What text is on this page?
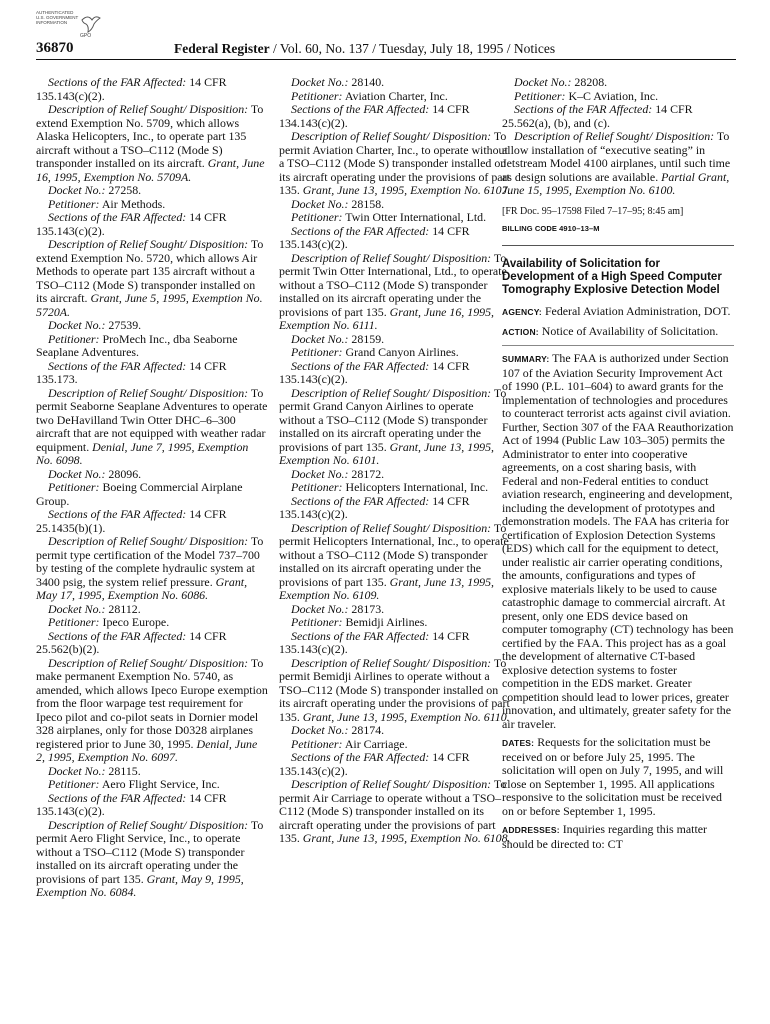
AUTHENTICATED
U.S. GOVERNMENT
INFORMATION
GPO
36870	Federal Register / Vol. 60, No. 137 / Tuesday, July 18, 1995 / Notices

Sections of the FAR Affected: 14 CFR 135.143(c)(2).

Description of Relief Sought/ Disposition: To extend Exemption No. 5709, which allows Alaska Helicopters, Inc., to operate part 135 aircraft without a TSO–C112 (Mode S) transponder installed on its aircraft. Grant, June 16, 1995, Exemption No. 5709A.

Docket No.: 27258.

Petitioner: Air Methods.

Sections of the FAR Affected: 14 CFR 135.143(c)(2).

Description of Relief Sought/ Disposition: To extend Exemption No. 5720, which allows Air Methods to operate part 135 aircraft without a TSO–C112 (Mode S) transponder installed on its aircraft. Grant, June 5, 1995, Exemption No. 5720A.

Docket No.: 27539.

Petitioner: ProMech Inc., dba Seaborne Seaplane Adventures.

Sections of the FAR Affected: 14 CFR 135.173.

Description of Relief Sought/ Disposition: To permit Seaborne Seaplane Adventures to operate two DeHavilland Twin Otter DHC–6–300 aircraft that are not equipped with weather radar equipment. Denial, June 7, 1995, Exemption No. 6098.

Docket No.: 28096.

Petitioner: Boeing Commercial Airplane Group.

Sections of the FAR Affected: 14 CFR 25.1435(b)(1).

Description of Relief Sought/ Disposition: To permit type certification of the Model 737–700 by testing of the complete hydraulic system at 3400 psig, the system relief pressure. Grant, May 17, 1995, Exemption No. 6086.

Docket No.: 28112.

Petitioner: Ipeco Europe.

Sections of the FAR Affected: 14 CFR 25.562(b)(2).

Description of Relief Sought/ Disposition: To make permanent Exemption No. 5740, as amended, which allows Ipeco Europe exemption from the floor warpage test requirement for Ipeco pilot and co-pilot seats in Dornier model 328 airplanes, only for those D0328 airplanes registered prior to June 30, 1995. Denial, June 2, 1995, Exemption No. 6097.

Docket No.: 28115.

Petitioner: Aero Flight Service, Inc.

Sections of the FAR Affected: 14 CFR 135.143(c)(2).

Description of Relief Sought/ Disposition: To permit Aero Flight Service, Inc., to operate without a TSO–C112 (Mode S) transponder installed on its aircraft operating under the provisions of part 135. Grant, May 9, 1995, Exemption No. 6084.

Docket No.: 28140.

Petitioner: Aviation Charter, Inc.

Sections of the FAR Affected: 14 CFR 134.143(c)(2).

Description of Relief Sought/ Disposition: To permit Aviation Charter, Inc., to operate without a TSO–C112 (Mode S) transponder installed on its aircraft operating under the provisions of part 135. Grant, June 13, 1995, Exemption No. 6107.

Docket No.: 28158.

Petitioner: Twin Otter International, Ltd.

Sections of the FAR Affected: 14 CFR 135.143(c)(2).

Description of Relief Sought/ Disposition: To permit Twin Otter International, Ltd., to operate without a TSO–C112 (Mode S) transponder installed on its aircraft operating under the provisions of part 135. Grant, June 16, 1995, Exemption No. 6111.

Docket No.: 28159.

Petitioner: Grand Canyon Airlines.

Sections of the FAR Affected: 14 CFR 135.143(c)(2).

Description of Relief Sought/ Disposition: To permit Grand Canyon Airlines to operate without a TSO–C112 (Mode S) transponder installed on its aircraft operating under the provisions of part 135. Grant, June 13, 1995, Exemption No. 6101.

Docket No.: 28172.

Petitioner: Helicopters International, Inc.

Sections of the FAR Affected: 14 CFR 135.143(c)(2).

Description of Relief Sought/ Disposition: To permit Helicopters International, Inc., to operate without a TSO–C112 (Mode S) transponder installed on its aircraft operating under the provisions of part 135. Grant, June 13, 1995, Exemption No. 6109.

Docket No.: 28173.

Petitioner: Bemidji Airlines.

Sections of the FAR Affected: 14 CFR 135.143(c)(2).

Description of Relief Sought/ Disposition: To permit Bemidji Airlines to operate without a TSO–C112 (Mode S) transponder installed on its aircraft operating under the provisions of part 135. Grant, June 13, 1995, Exemption No. 6110.

Docket No.: 28174.

Petitioner: Air Carriage.

Sections of the FAR Affected: 14 CFR 135.143(c)(2).

Description of Relief Sought/ Disposition: To permit Air Carriage to operate without a TSO–C112 (Mode S) transponder installed on its aircraft operating under the provisions of part 135. Grant, June 13, 1995, Exemption No. 6108.

Docket No.: 28208.

Petitioner: K–C Aviation, Inc.

Sections of the FAR Affected: 14 CFR 25.562(a), (b), and (c).

Description of Relief Sought/ Disposition: To allow installation of “executive seating” in Jetstream Model 4100 airplanes, until such time as design solutions are available. Partial Grant, June 15, 1995, Exemption No. 6100.

[FR Doc. 95–17598 Filed 7–17–95; 8:45 am]
BILLING CODE 4910–13–M
Availability of Solicitation for Development of a High Speed Computer Tomography Explosive Detection Model
AGENCY: Federal Aviation Administration, DOT.
ACTION: Notice of Availability of Solicitation.
SUMMARY: The FAA is authorized under Section 107 of the Aviation Security Improvement Act of 1990 (P.L. 101–604) to award grants for the implementation of technologies and procedures to counteract terrorist acts against civil aviation. Further, Section 307 of the FAA Reauthorization Act of 1994 (Public Law 103–305) permits the Administrator to enter into cooperative agreements, on a cost sharing basis, with Federal and non-Federal entities to conduct aviation research, engineering and development, including the development of prototypes and demonstration models. The FAA has criteria for certification of Explosion Detection Systems (EDS) which call for the equipment to detect, under realistic air carrier operating conditions, the amounts, configurations and types of explosive materials likely to be used to cause catastrophic damage to commercial aircraft. At present, only one EDS device based on computer tomography (CT) technology has been certified by the FAA. This project has as a goal the development of alternative CT-based explosive detection systems to foster competition in the EDS market. Greater competition should lead to lower prices, greater innovation, and ultimately, greater safety for the air traveler.
DATES: Requests for the solicitation must be received on or before July 25, 1995. The solicitation will open on July 7, 1995, and will close on September 1, 1995. All applications responsive to the solicitation must be received on or before September 1, 1995.
ADDRESSES: Inquiries regarding this matter should be directed to: CT
